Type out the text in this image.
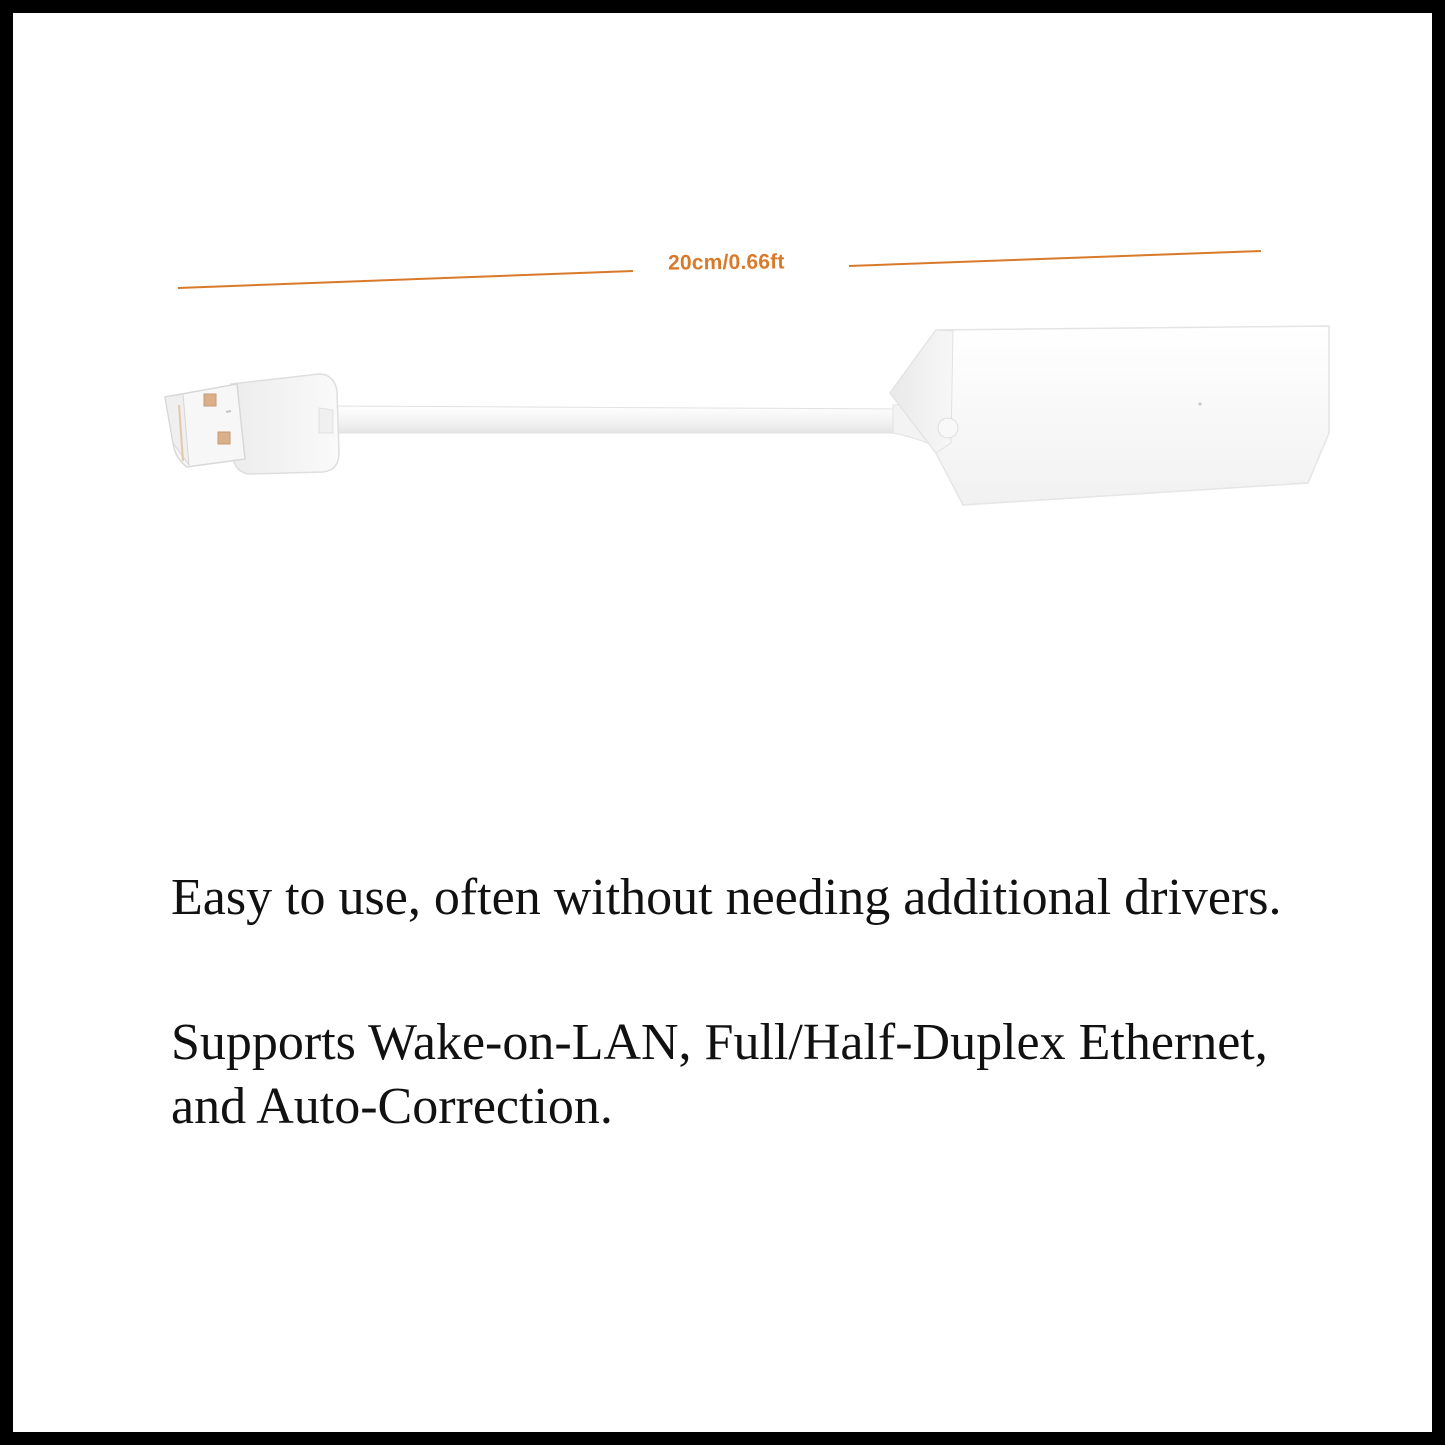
20cm/0.66ft

Easy to use, often without needing additional drivers.

Supports Wake-on-LAN, Full/Half-Duplex Ethernet, and Auto-Correction.
